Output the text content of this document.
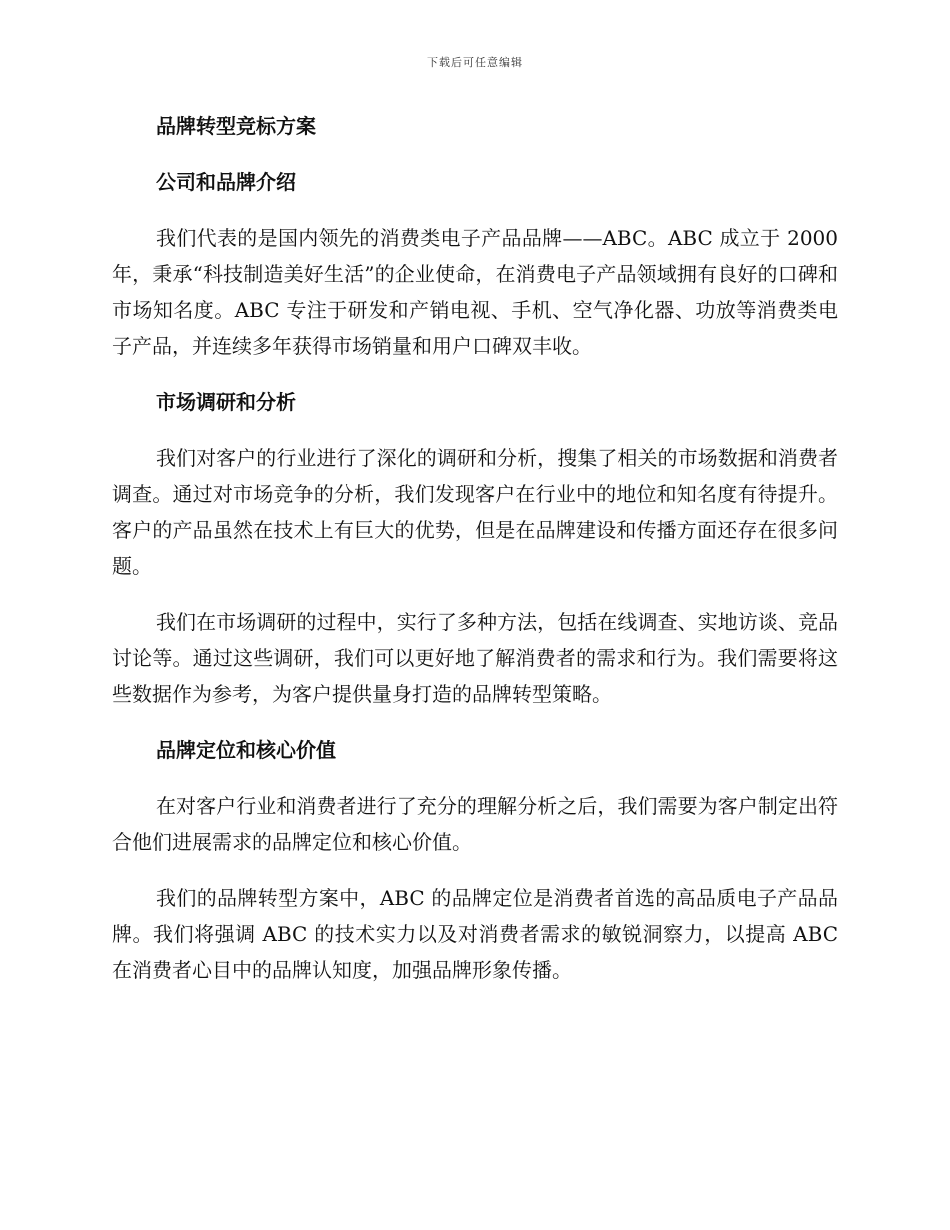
下载后可任意编辑
品牌转型竞标方案
公司和品牌介绍

我们代表的是国内领先的消费类电子产品品牌——ABC。ABC 成立于 2000 年，秉承“科技制造美好生活”的企业使命，在消费电子产品领域拥有良好的口碑和市场知名度。ABC 专注于研发和产销电视、手机、空气净化器、功放等消费类电子产品，并连续多年获得市场销量和用户口碑双丰收。

市场调研和分析

我们对客户的行业进行了深化的调研和分析，搜集了相关的市场数据和消费者调查。通过对市场竞争的分析，我们发现客户在行业中的地位和知名度有待提升。客户的产品虽然在技术上有巨大的优势，但是在品牌建设和传播方面还存在很多问题。

我们在市场调研的过程中，实行了多种方法，包括在线调查、实地访谈、竞品讨论等。通过这些调研，我们可以更好地了解消费者的需求和行为。我们需要将这些数据作为参考，为客户提供量身打造的品牌转型策略。

品牌定位和核心价值

在对客户行业和消费者进行了充分的理解分析之后，我们需要为客户制定出符合他们进展需求的品牌定位和核心价值。

我们的品牌转型方案中，ABC 的品牌定位是消费者首选的高品质电子产品品牌。我们将强调 ABC 的技术实力以及对消费者需求的敏锐洞察力，以提高 ABC 在消费者心目中的品牌认知度，加强品牌形象传播。
